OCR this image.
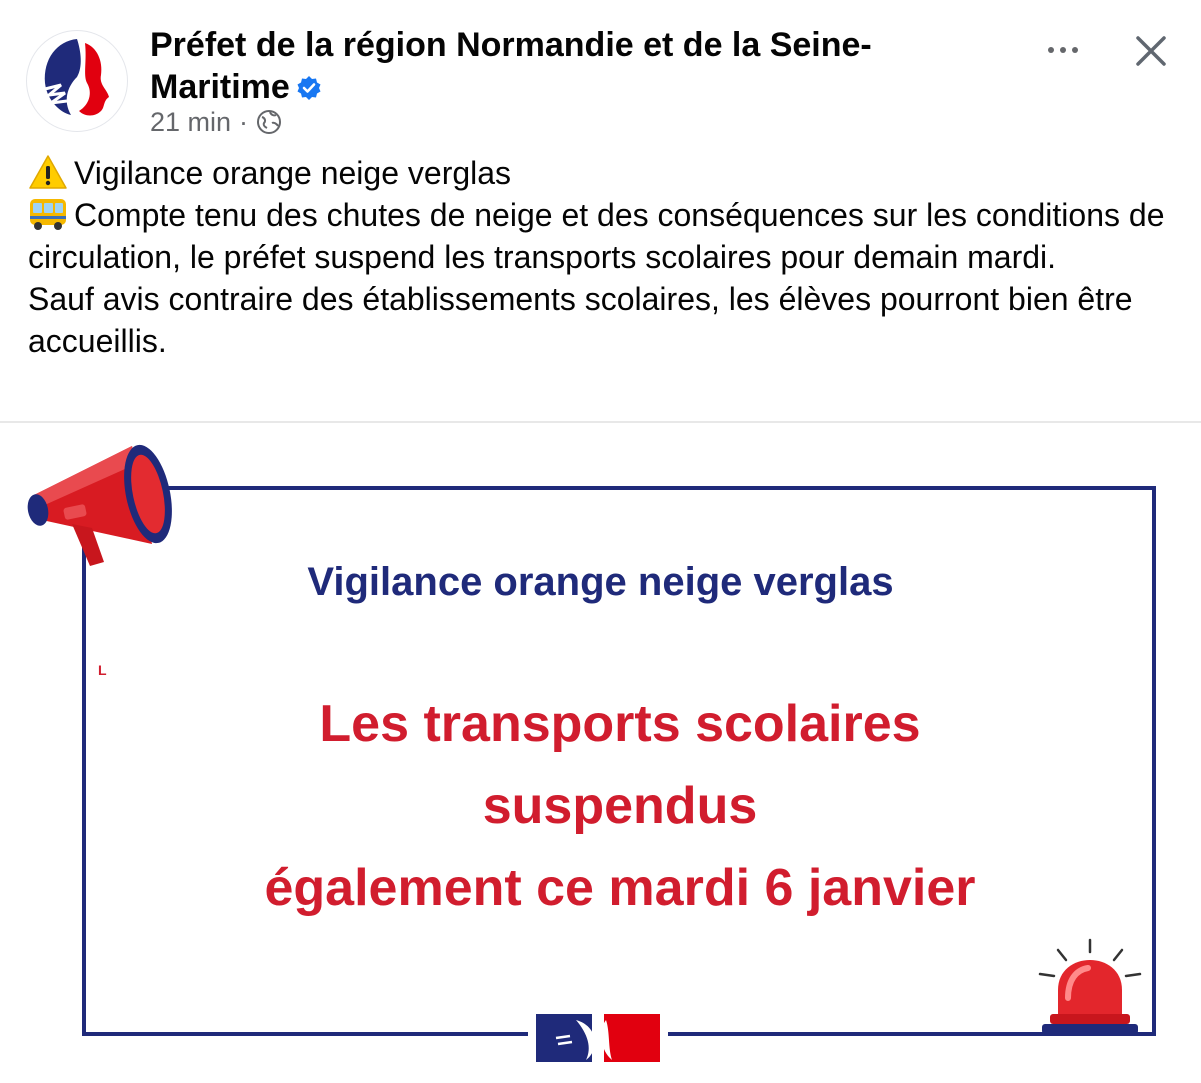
Préfet de la région Normandie et de la Seine-
Maritime
21 min ·

Vigilance orange neige verglas

Compte tenu des chutes de neige et des conséquences sur les conditions de circulation, le préfet suspend les transports scolaires pour demain mardi.

Sauf avis contraire des établissements scolaires, les élèves pourront bien être accueillis.

Vigilance orange neige verglas
L
Les transports scolaires
suspendus
également ce mardi 6 janvier
